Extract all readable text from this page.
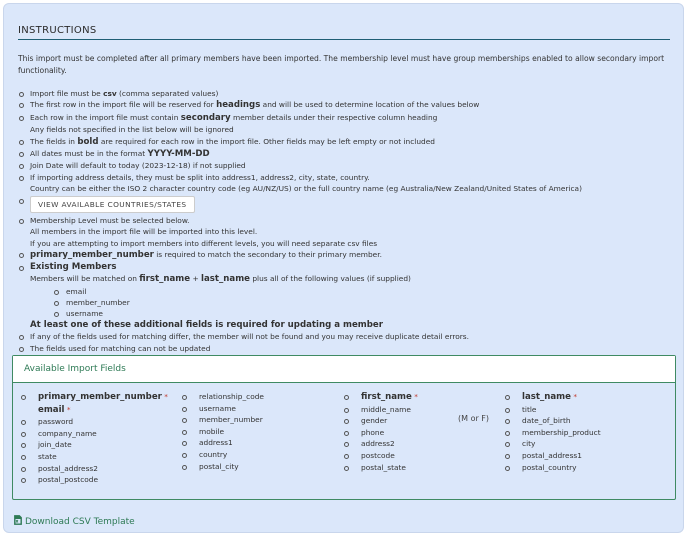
INSTRUCTIONS
This import must be completed after all primary members have been imported. The membership level must have group memberships enabled to allow secondary import functionality.
Import file must be csv (comma separated values)
The first row in the import file will be reserved for headings and will be used to determine location of the values below
Each row in the import file must contain secondary member details under their respective column heading
Any fields not specified in the list below will be ignored
The fields in bold are required for each row in the import file. Other fields may be left empty or not included
All dates must be in the format YYYY-MM-DD
Join Date will default to today (2023-12-18) if not supplied
If importing address details, they must be split into address1, address2, city, state, country.
Country can be either the ISO 2 character country code (eg AU/NZ/US) or the full country name (eg Australia/New Zealand/United States of America)
VIEW AVAILABLE COUNTRIES/STATES
Membership Level must be selected below.
All members in the import file will be imported into this level.
If you are attempting to import members into different levels, you will need separate csv files
primary_member_number is required to match the secondary to their primary member.
Existing Members
Members will be matched on first_name + last_name plus all of the following values (if supplied)
email
member_number
username
At least one of these additional fields is required for updating a member
If any of the fields used for matching differ, the member will not be found and you may receive duplicate detail errors.
The fields used for matching can not be updated
Available Import Fields
primary_member_number *
email *
password
company_name
join_date
state
postal_address2
postal_postcode
relationship_code
username
member_number
mobile
address1
country
postal_city
first_name *
middle_name
gender
phone
address2
postcode
postal_state
last_name *
title
date_of_birth
membership_product
city
postal_address1
postal_country
(M or F)
Download CSV Template
